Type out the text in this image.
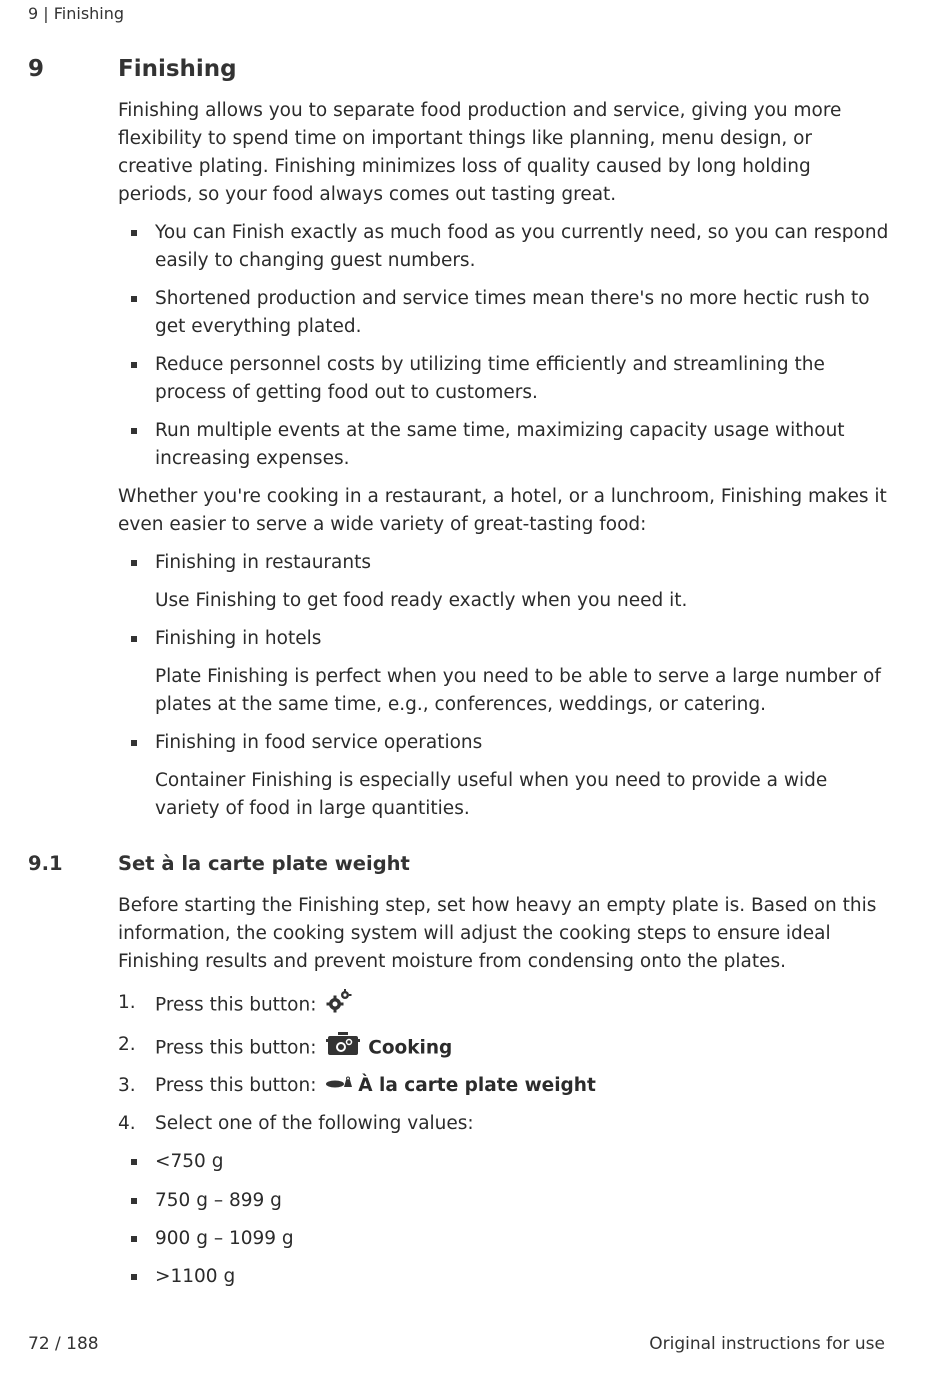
9 | Finishing
9	Finishing

Finishing allows you to separate food production and service, giving you more flexibility to spend time on important things like planning, menu design, or creative plating. Finishing minimizes loss of quality caused by long holding periods, so your food always comes out tasting great.

You can Finish exactly as much food as you currently need, so you can respond easily to changing guest numbers.

Shortened production and service times mean there's no more hectic rush to get everything plated.

Reduce personnel costs by utilizing time efficiently and streamlining the process of getting food out to customers.

Run multiple events at the same time, maximizing capacity usage without increasing expenses.

Whether you're cooking in a restaurant, a hotel, or a lunchroom, Finishing makes it even easier to serve a wide variety of great-tasting food:

Finishing in restaurants

Use Finishing to get food ready exactly when you need it.

Finishing in hotels

Plate Finishing is perfect when you need to be able to serve a large number of plates at the same time, e.g., conferences, weddings, or catering.

Finishing in food service operations

Container Finishing is especially useful when you need to provide a wide variety of food in large quantities.

9.1	Set à la carte plate weight

Before starting the Finishing step, set how heavy an empty plate is. Based on this information, the cooking system will adjust the cooking steps to ensure ideal Finishing results and prevent moisture from condensing onto the plates.

1. Press this button:
2. Press this button:	Cooking
3. Press this button: À la carte plate weight
4. Select one of the following values:

<750 g

750 g – 899 g

900 g – 1099 g

>1100 g

72 / 188	Original instructions for use
